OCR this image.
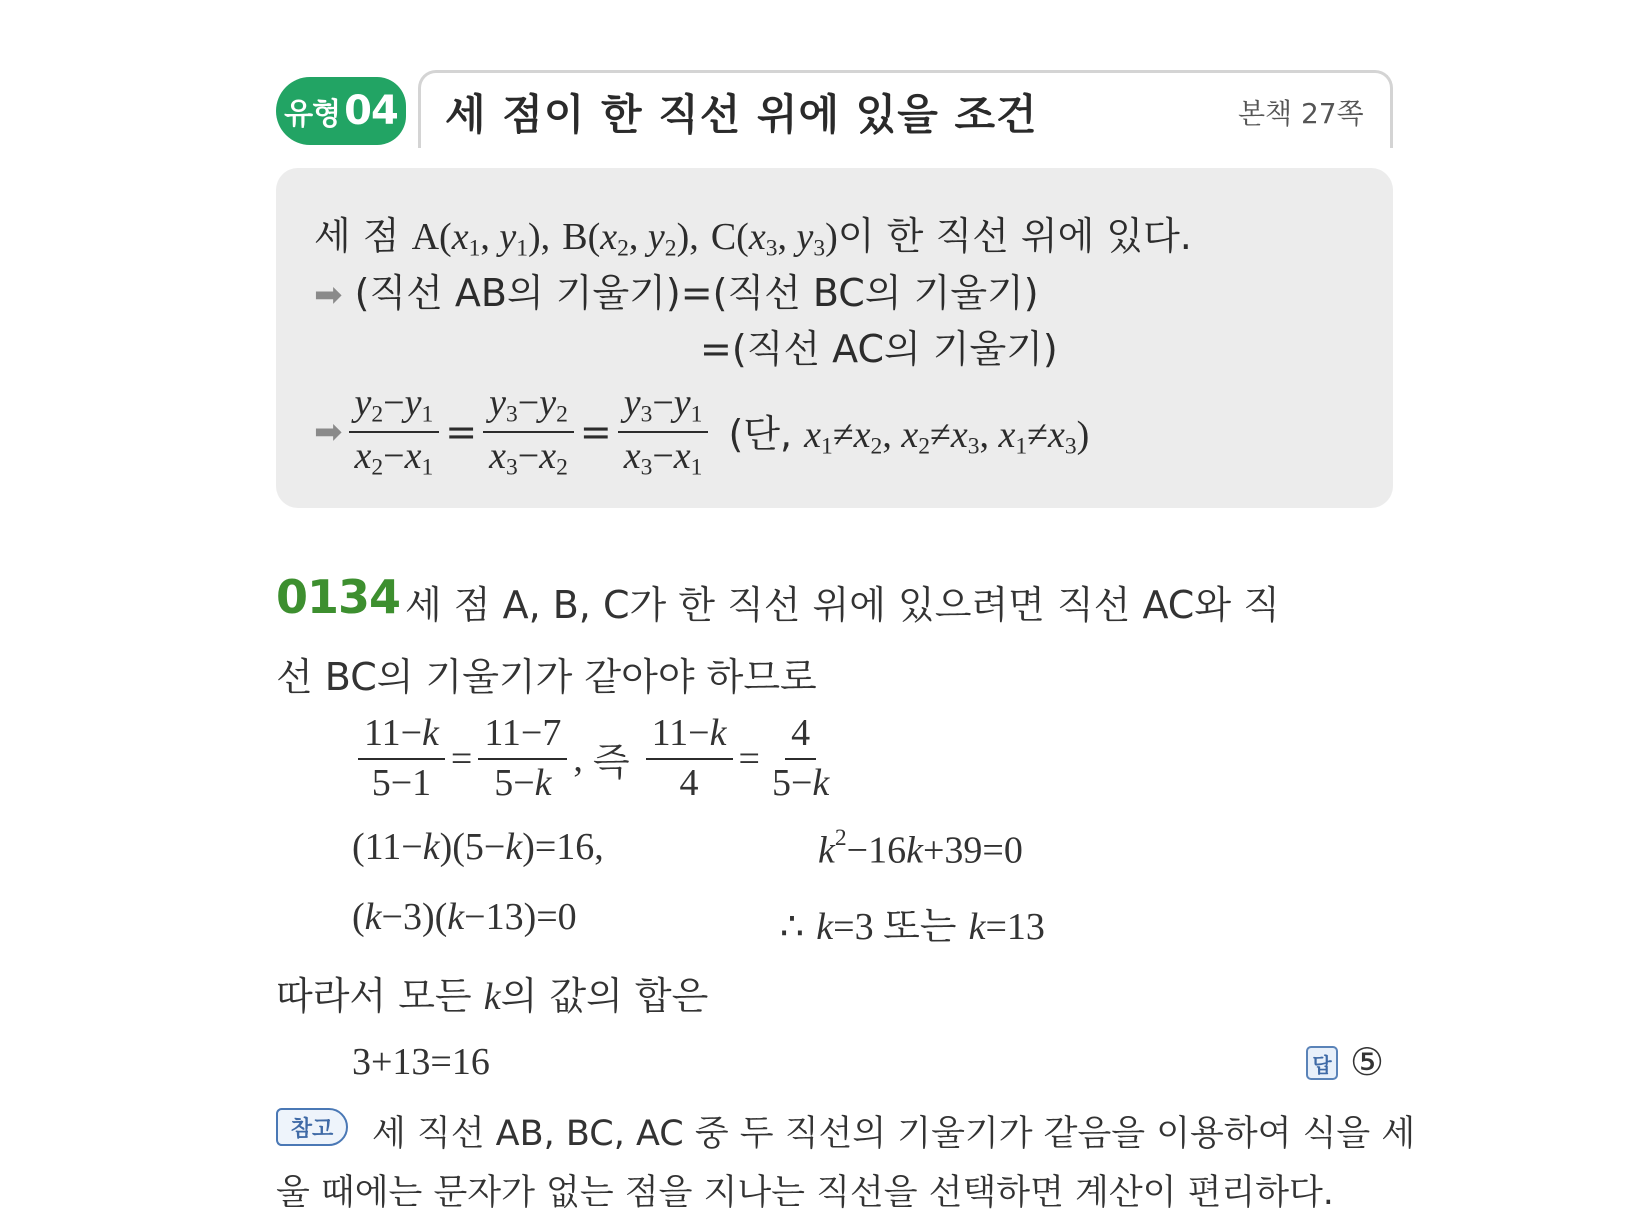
유형 04 세 점이 한 직선 위에 있을 조건	본책 27쪽
세 점 $A(x_1$, $y_1$), $B(x_2$, $y_2$), $C(x_3$, $y_3$)이 한 직선 위에 있다.
➡ (직선 AB의 기울기)=(직선 BC의 기울기)
=(직선 AC의 기울기)
➡ $\frac{y_2-y_1}{x_2-x_1} = \frac{y_3-y_2}{x_3-x_2} = \frac{y_3-y_1}{x_3-x_1}$ (단, $x_1\ne x_2$, $x_2\ne x_3$, $x_1\ne x_3$)
0134 세 점 A, B, C가 한 직선 위에 있으려면 직선 AC와 직
선 BC의 기울기가 같아야 하므로
$\frac{11-k}{5-1} = \frac{11-7}{5-k}$ , 즉 $\frac{11-k}{4} = \frac{4}{5-k}$
(11−k)(5−k)=16,	$k^2-16k+39=0$
(k−3)(k−13)=0	∴ k=3 또는 k=13
따라서 모든 k의 값의 합은
3+13=16	답 ⑤
참고	세 직선 AB, BC, AC 중 두 직선의 기울기가 같음을 이용하여 식을 세
울 때에는 문자가 없는 점을 지나는 직선을 선택하면 계산이 편리하다.
